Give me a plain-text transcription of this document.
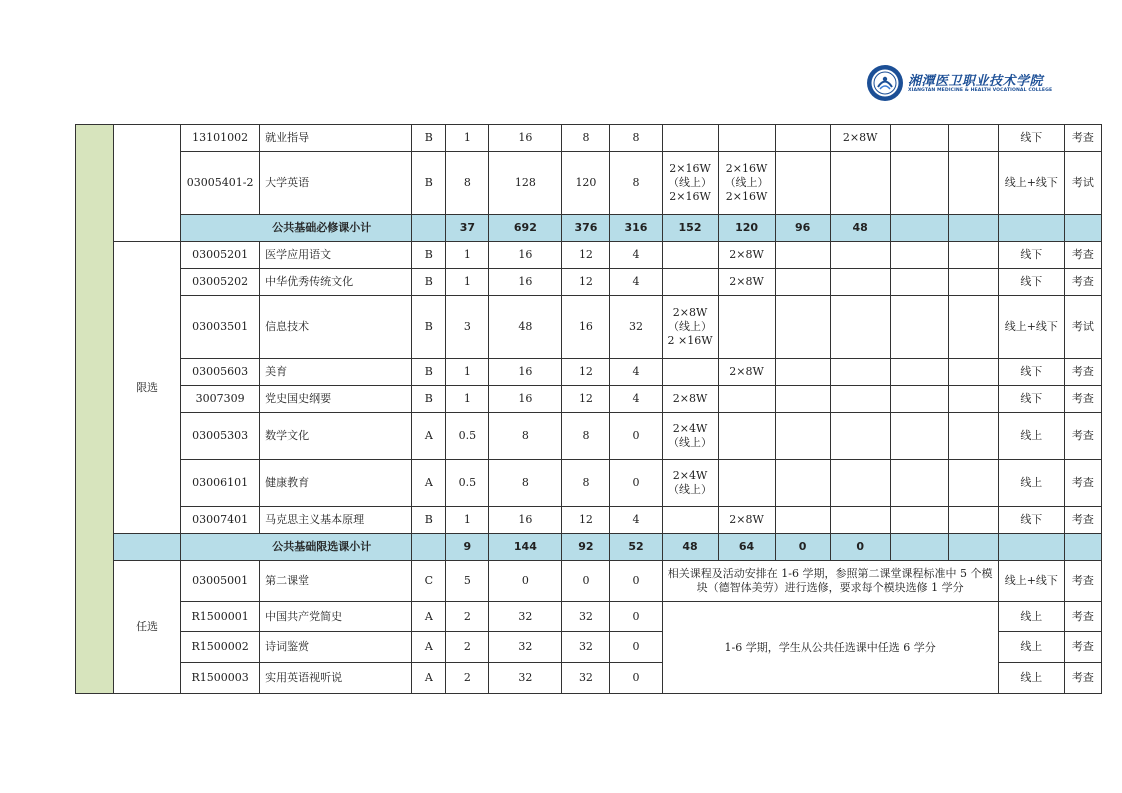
湘潭医卫职业技术学院
XIANGTAN MEDICINE & HEALTH VOCATIONAL COLLEGE
		13101002	就业指导	B	1	16	8	8				2×8W			线下	考查
		03005401-2	大学英语	B	8	128	120	8	2×16W （线上）2×16W	2×16W （线上） 2×16W					线上+线下	考试
		公共基础必修课小计			37	692	376	316	152	120	96	48				
	限选	03005201	医学应用语文	B	1	16	12	4		2×8W					线下	考查
		03005202	中华优秀传统文化	B	1	16	12	4		2×8W					线下	考查
		03003501	信息技术	B	3	48	16	32	2×8W （线上） 2 ×16W						线上+线下	考试
		03005603	美育	B	1	16	12	4		2×8W					线下	考查
		3007309	党史国史纲要	B	1	16	12	4	2×8W						线下	考查
		03005303	数学文化	A	0.5	8	8	0	2×4W （线上）						线上	考查
		03006101	健康教育	A	0.5	8	8	0	2×4W （线上）						线上	考查
		03007401	马克思主义基本原理	B	1	16	12	4		2×8W					线下	考查
		公共基础限选课小计			9	144	92	52	48	64	0	0				
	任选	03005001	第二课堂	C	5	0	0	0	相关课程及活动安排在 1-6 学期，参照第二课堂课程标准中 5 个模块（德智体美劳）进行选修，要求每个模块选修 1 学分						线上+线下	考查
		R1500001	中国共产党简史	A	2	32	32	0	1-6 学期，学生从公共任选课中任选 6 学分						线上	考查
		R1500002	诗词鉴赏	A	2	32	32	0							线上	考查
		R1500003	实用英语视听说	A	2	32	32	0							线上	考查
